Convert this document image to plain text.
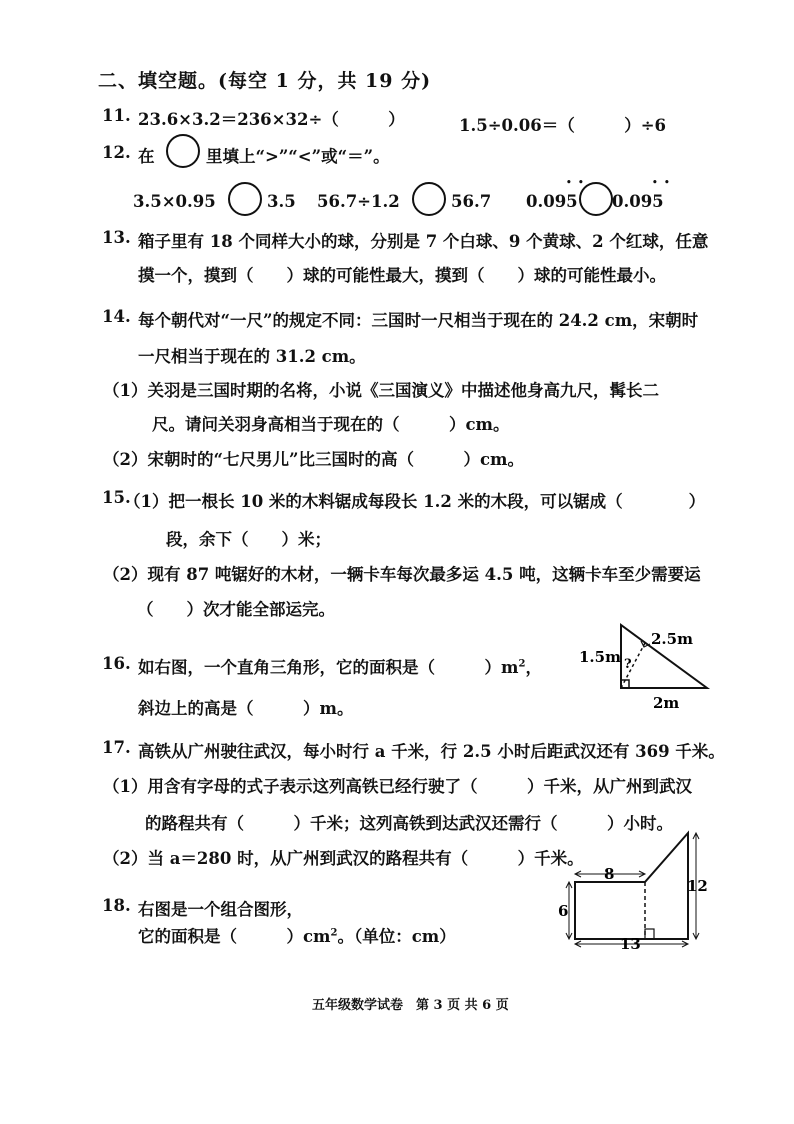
二、填空题。(每空 1 分，共 19 分)
11. 23.6×3.2＝236×32÷（　　　）	1.5÷0.06＝（　　　）÷6
12. 在	里填上“>”“<”或“＝”。
3.5×0.95	3.5 56.7÷1.2	56.7 • 0.095 • • 0.095 •
13. 箱子里有 18 个同样大小的球，分别是 7 个白球、9 个黄球、2 个红球，任意
摸一个，摸到（　　）球的可能性最大，摸到（　　）球的可能性最小。
14. 每个朝代对“一尺”的规定不同：三国时一尺相当于现在的 24.2 cm，宋朝时
一尺相当于现在的 31.2 cm。
（1）关羽是三国时期的名将，小说《三国演义》中描述他身高九尺，髯长二
尺。请问关羽身高相当于现在的（　　　）cm。
（2）宋朝时的“七尺男儿”比三国时的高（　　　）cm。
15.
（1）把一根长 10 米的木料锯成每段长 1.2 米的木段，可以锯成（　　　　）
段，余下（　　）米；
（2）现有 87 吨锯好的木材，一辆卡车每次最多运 4.5 吨，这辆卡车至少需要运
（　　）次才能全部运完。
16. 如右图，一个直角三角形，它的面积是（　　　）$m^2$，
斜边上的高是（　　　）m。
1.5m
2.5m
2m
?
17. 高铁从广州驶往武汉，每小时行 a 千米，行 2.5 小时后距武汉还有 369 千米。
（1）用含有字母的式子表示这列高铁已经行驶了（　　　）千米，从广州到武汉
的路程共有（　　　）千米；这列高铁到达武汉还需行（　　　）小时。
（2）当 a＝280 时，从广州到武汉的路程共有（　　　）千米。
18. 右图是一个组合图形，
它的面积是（　　　）$cm^2$。（单位：cm）
8
6
12
13
五年级数学试卷　第 3 页 共 6 页
